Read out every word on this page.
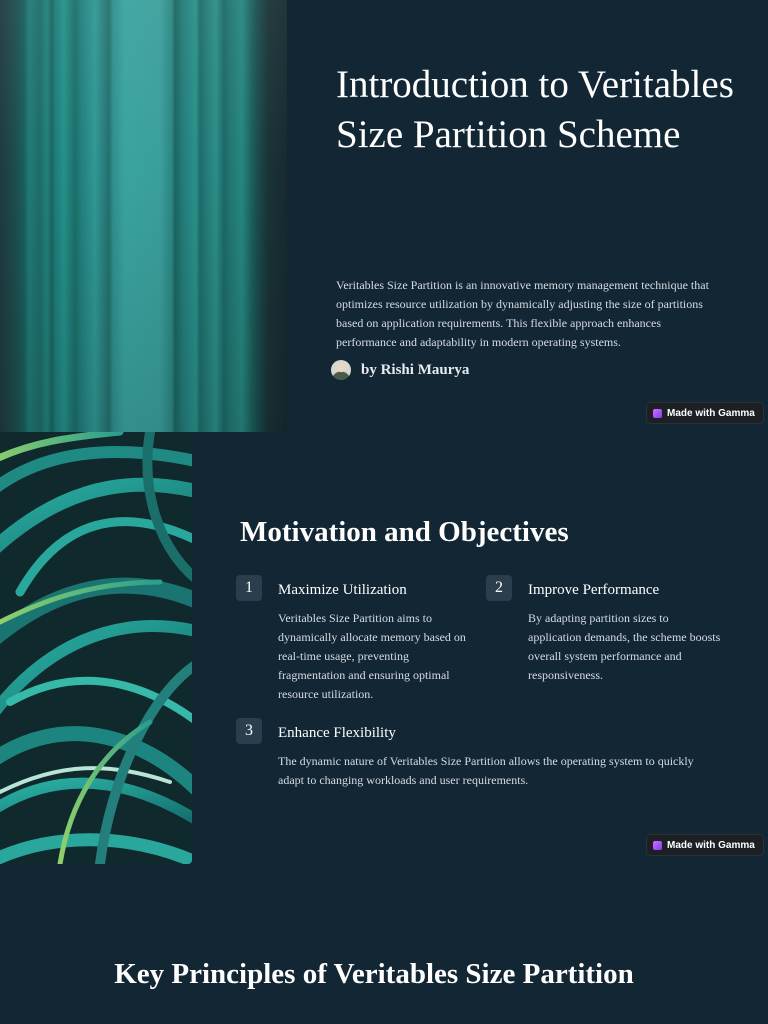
Introduction to Veritables Size Partition Scheme

Veritables Size Partition is an innovative memory management technique that optimizes resource utilization by dynamically adjusting the size of partitions based on application requirements. This flexible approach enhances performance and adaptability in modern operating systems.

by Rishi Maurya
Made with Gamma
Motivation and Objectives
1	Maximize Utilization
Veritables Size Partition aims to dynamically allocate memory based on real-time usage, preventing fragmentation and ensuring optimal resource utilization.
2	Improve Performance
By adapting partition sizes to application demands, the scheme boosts overall system performance and responsiveness.
3	Enhance Flexibility
The dynamic nature of Veritables Size Partition allows the operating system to quickly adapt to changing workloads and user requirements.
Made with Gamma
Key Principles of Veritables Size Partition
